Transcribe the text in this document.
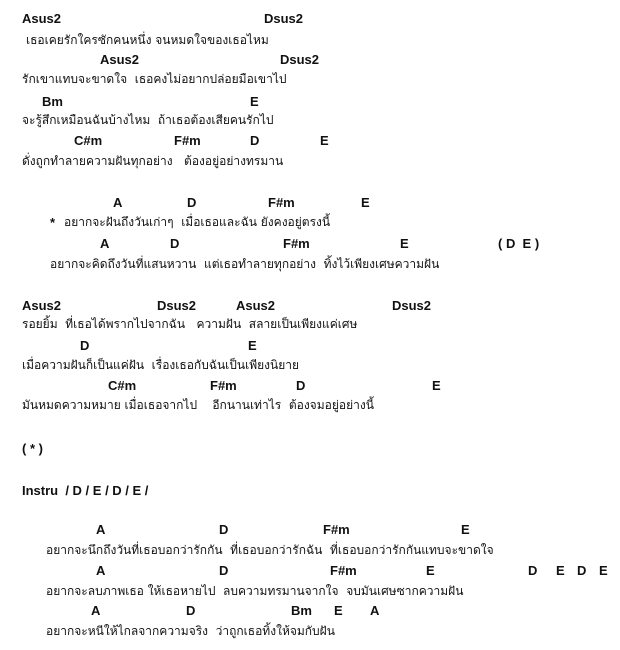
Asus2	Dsus2
เธอเคยรักใครซักคนหนึ่ง จนหมดใจของเธอไหม
Asus2	Dsus2
รักเขาแทบจะขาดใจ  เธอคงไม่อยากปล่อยมือเขาไป
Bm	E
จะรู้สึกเหมือนฉันบ้างไหม  ถ้าเธอต้องเสียคนรักไป
C#m	F#m	D	E
ดั่งถูกทำลายความฝันทุกอย่าง   ต้องอยู่อย่างทรมาน
A	D	F#m	E
* อยากจะฝันถึงวันเก่าๆ  เมื่อเธอและฉัน ยังคงอยู่ตรงนี้
A	D	F#m	E	( D  E )
อยากจะคิดถึงวันที่แสนหวาน  แต่เธอทำลายทุกอย่าง  ทิ้งไว้เพียงเศษความฝัน
Asus2	Dsus2	Asus2	Dsus2
รอยยิ้ม  ที่เธอได้พรากไปจากฉัน   ความฝัน  สลายเป็นเพียงแค่เศษ
D	E
เมื่อความฝันก็เป็นแค่ฝัน  เรื่องเธอกับฉันเป็นเพียงนิยาย
C#m	F#m	D	E
มันหมดความหมาย เมื่อเธอจากไป    อีกนานเท่าไร  ต้องจมอยู่อย่างนี้
( * )
Instru  / D / E / D / E /
A	D	F#m	E
อยากจะนึกถึงวันที่เธอบอกว่ารักกัน  ที่เธอบอกว่ารักฉัน  ที่เธอบอกว่ารักกันแทบจะขาดใจ
A	D	F#m	E	D E D E
อยากจะลบภาพเธอ ให้เธอหายไป  ลบความทรมานจากใจ  จบมันเศษซากความฝัน
A	D	Bm E A
อยากจะหนีให้ไกลจากความจริง  ว่าถูกเธอทิ้งให้จมกับฝัน
